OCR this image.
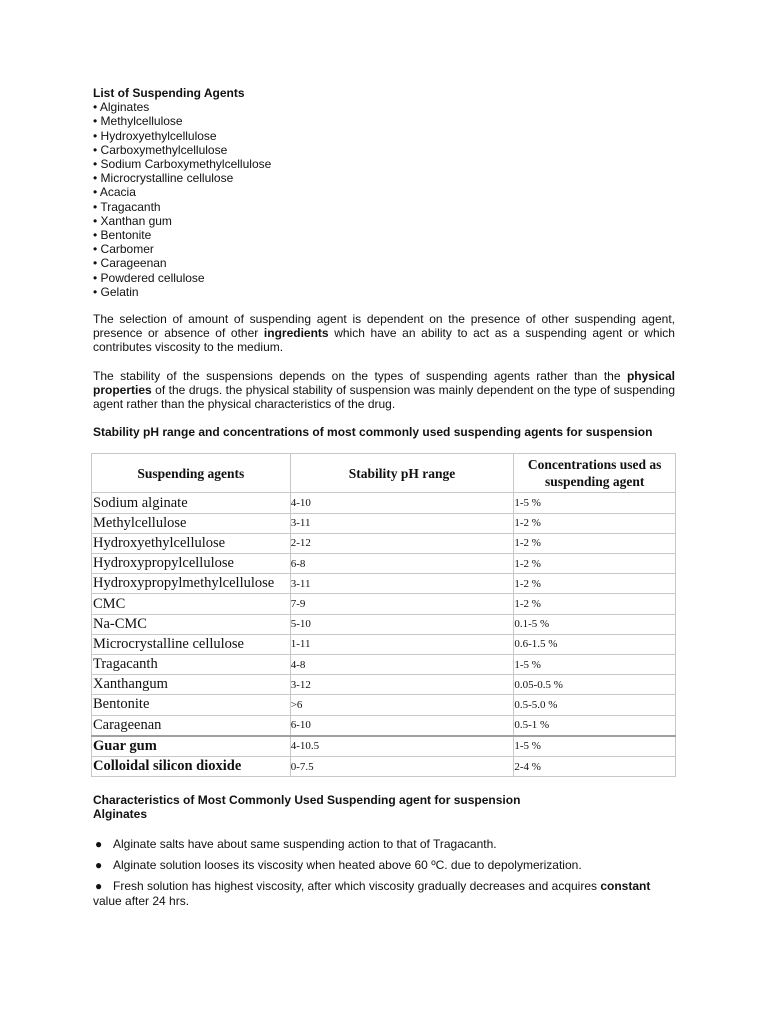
List of Suspending Agents
• Alginates
• Methylcellulose
• Hydroxyethylcellulose
• Carboxymethylcellulose
• Sodium Carboxymethylcellulose
• Microcrystalline cellulose
• Acacia
• Tragacanth
• Xanthan gum
• Bentonite
• Carbomer
• Carageenan
• Powdered cellulose
• Gelatin

The selection of amount of suspending agent is dependent on the presence of other suspending agent, presence or absence of other ingredients which have an ability to act as a suspending agent or which contributes viscosity to the medium.

The stability of the suspensions depends on the types of suspending agents rather than the physical properties of the drugs. the physical stability of suspension was mainly dependent on the type of suspending agent rather than the physical characteristics of the drug.

Stability pH range and concentrations of most commonly used suspending agents for suspension

Suspending agents	Stability pH range	Concentrations used as suspending agent
Sodium alginate	4-10	1-5 %
Methylcellulose	3-11	1-2 %
Hydroxyethylcellulose	2-12	1-2 %
Hydroxypropylcellulose	6-8	1-2 %
Hydroxypropylmethylcellulose	3-11	1-2 %
CMC	7-9	1-2 %
Na-CMC	5-10	0.1-5 %
Microcrystalline cellulose	1-11	0.6-1.5 %
Tragacanth	4-8	1-5 %
Xanthangum	3-12	0.05-0.5 %
Bentonite	>6	0.5-5.0 %
Carageenan	6-10	0.5-1 %
Guar gum	4-10.5	1-5 %
Colloidal silicon dioxide	0-7.5	2-4 %
Characteristics of Most Commonly Used Suspending agent for suspension
Alginates
● Alginate salts have about same suspending action to that of Tragacanth.
● Alginate solution looses its viscosity when heated above 60 ºC. due to depolymerization.
● Fresh solution has highest viscosity, after which viscosity gradually decreases and acquires constant value after 24 hrs.
